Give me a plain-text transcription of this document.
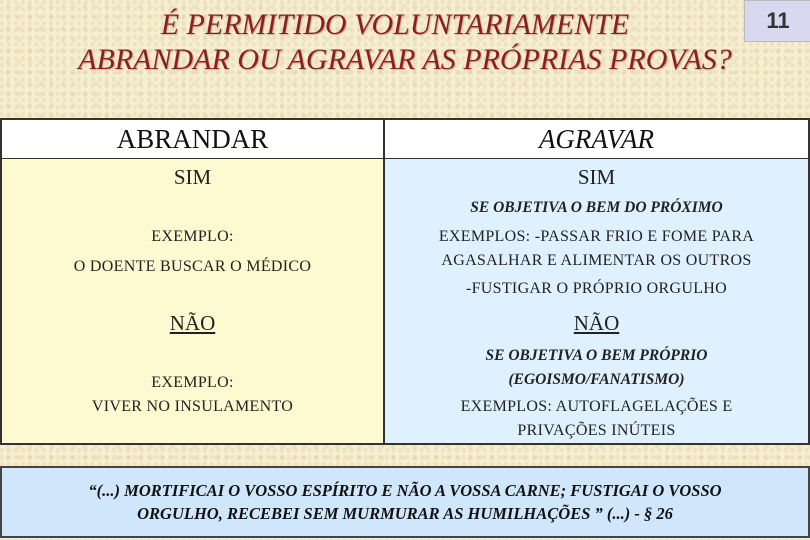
É PERMITIDO VOLUNTARIAMENTE
ABRANDAR OU AGRAVAR AS PRÓPRIAS PROVAS?
11
ABRANDAR	AGRAVAR
SIM
EXEMPLO:
O DOENTE BUSCAR O MÉDICO
NÃO
EXEMPLO:
VIVER NO INSULAMENTO
SIM
SE OBJETIVA O BEM DO PRÓXIMO
EXEMPLOS: -PASSAR FRIO E FOME PARA
AGASALHAR E ALIMENTAR OS OUTROS
-FUSTIGAR O PRÓPRIO ORGULHO
NÃO
SE OBJETIVA O BEM PRÓPRIO
(EGOISMO/FANATISMO)
EXEMPLOS: AUTOFLAGELAÇÕES E
PRIVAÇÕES INÚTEIS
“(...) MORTIFICAI O VOSSO ESPÍRITO E NÃO A VOSSA CARNE; FUSTIGAI O VOSSO
ORGULHO, RECEBEI SEM MURMURAR AS HUMILHAÇÕES ” (...) - § 26
